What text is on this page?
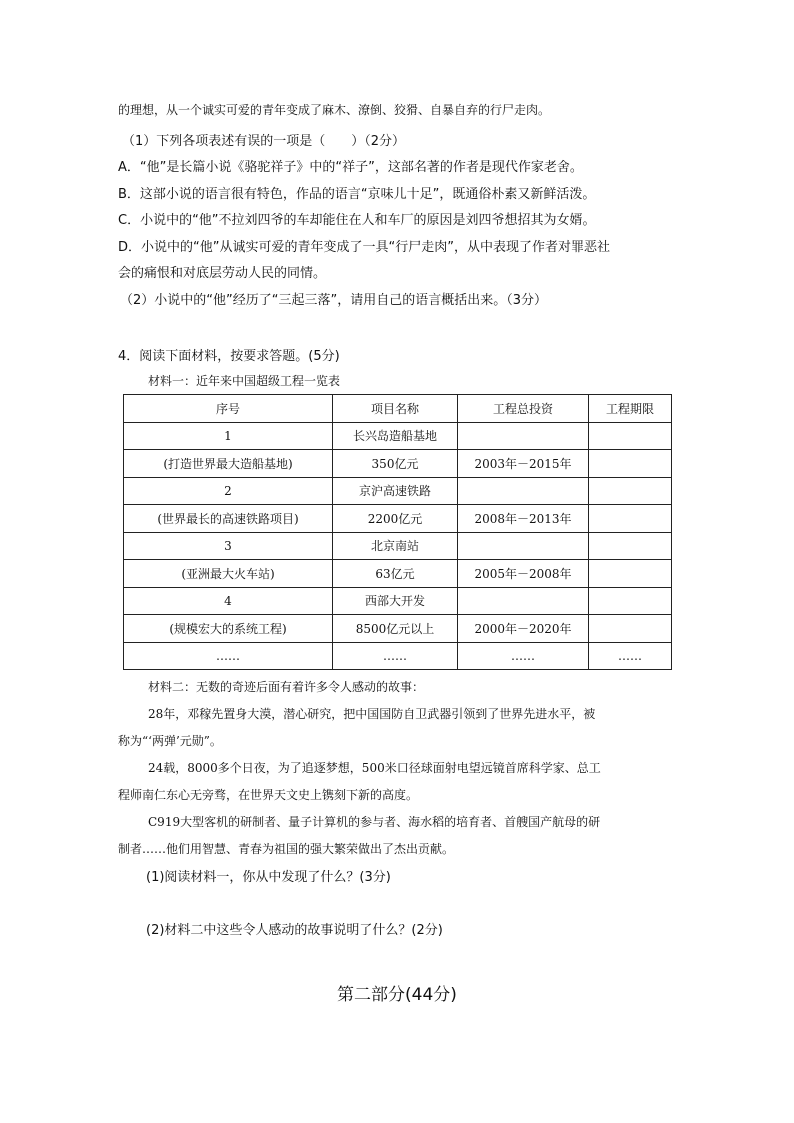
的理想，从一个诚实可爱的青年变成了麻木、潦倒、狡猾、自暴自弃的行尸走肉。
（1）下列各项表述有误的一项是（　　）（2分）
A．“他”是长篇小说《骆驼祥子》中的“祥子”，这部名著的作者是现代作家老舍。
B．这部小说的语言很有特色，作品的语言“京味儿十足”，既通俗朴素又新鲜活泼。
C．小说中的“他”不拉刘四爷的车却能住在人和车厂的原因是刘四爷想招其为女婿。
D．小说中的“他”从诚实可爱的青年变成了一具“行尸走肉”，从中表现了作者对罪恶社
会的痛恨和对底层劳动人民的同情。
（2）小说中的“他”经历了“三起三落”，请用自己的语言概括出来。（3分）
4．阅读下面材料，按要求答题。(5分)
材料一：近年来中国超级工程一览表
序号	项目名称	工程总投资	工程期限
1	长兴岛造船基地		
(打造世界最大造船基地)	350亿元	2003年－2015年	
2	京沪高速铁路		
(世界最长的高速铁路项目)	2200亿元	2008年－2013年	
3	北京南站		
(亚洲最大火车站)	63亿元	2005年－2008年	
4	西部大开发		
(规模宏大的系统工程)	8500亿元以上	2000年－2020年	
……	……	……	……
材料二：无数的奇迹后面有着许多令人感动的故事：
28年，邓稼先置身大漠，潜心研究，把中国国防自卫武器引领到了世界先进水平，被
称为“‘两弹’元勋”。
24载，8000多个日夜，为了追逐梦想，500米口径球面射电望远镜首席科学家、总工
程师南仁东心无旁骛，在世界天文史上镌刻下新的高度。
C919大型客机的研制者、量子计算机的参与者、海水稻的培育者、首艘国产航母的研
制者……他们用智慧、青春为祖国的强大繁荣做出了杰出贡献。
(1)阅读材料一，你从中发现了什么？(3分)
(2)材料二中这些令人感动的故事说明了什么？(2分)
第二部分(44分)
